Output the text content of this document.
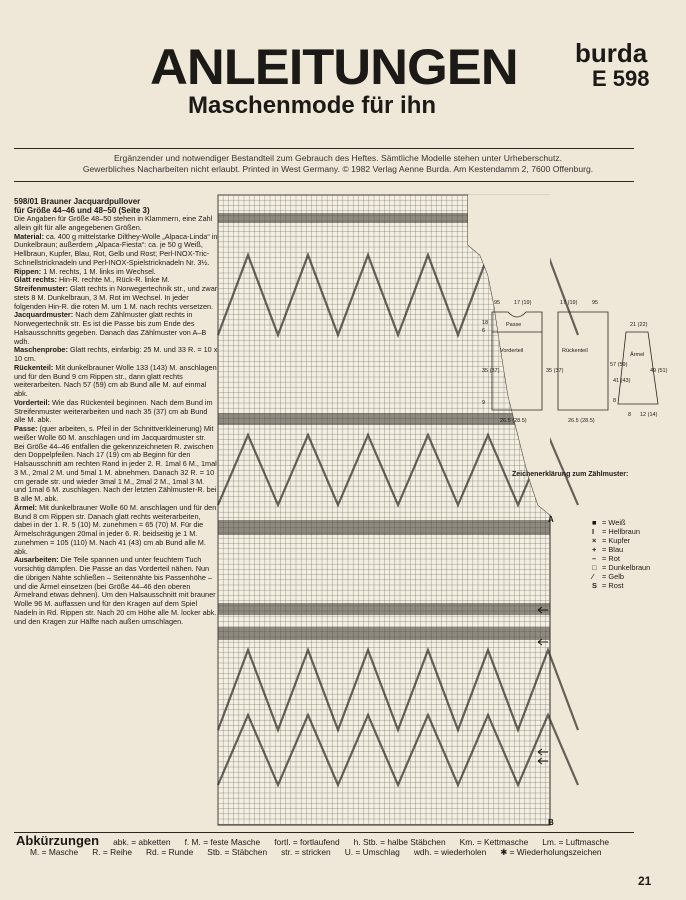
ANLEITUNGEN
Maschenmode für ihn
burda
E 598
Ergänzender und notwendiger Bestandteil zum Gebrauch des Heftes. Sämtliche Modelle stehen unter Urheberschutz.
Gewerbliches Nacharbeiten nicht erlaubt. Printed in West Germany. © 1982 Verlag Aenne Burda. Am Kestendamm 2, 7600 Offenburg.
598/01 Brauner Jacquardpullover
für Größe 44–46 und 48–50 (Seite 3)
Die Angaben für Größe 48–50 stehen in Klammern, eine Zahl allein gilt für alle angegebenen Größen.
Material: ca. 400 g mittelstarke Dilthey-Wolle „Alpaca-Linda“ in Dunkelbraun; außerdem „Alpaca-Fiesta“: ca. je 50 g Weiß, Hellbraun, Kupfer, Blau, Rot, Gelb und Rost; Perl-INOX-Tric-Schnellstricknadeln und Perl-INOX-Spielstricknadeln Nr. 3½.
Rippen: 1 M. rechts, 1 M. links im Wechsel.
Glatt rechts: Hin-R. rechte M., Rück-R. linke M.
Streifenmuster: Glatt rechts in Norwegertechnik str., und zwar stets 8 M. Dunkelbraun, 3 M. Rot im Wechsel. In jeder folgenden Hin-R. die roten M. um 1 M. nach rechts versetzen.
Jacquardmuster: Nach dem Zählmuster glatt rechts in Norwegertechnik str. Es ist die Passe bis zum Ende des Halsausschnitts gegeben. Danach das Zählmuster von A–B wdh.
Maschenprobe: Glatt rechts, einfarbig: 25 M. und 33 R. = 10 x 10 cm.
Rückenteil: Mit dunkelbrauner Wolle 133 (143) M. anschlagen und für den Bund 9 cm Rippen str., dann glatt rechts weiterarbeiten. Nach 57 (59) cm ab Bund alle M. auf einmal abk.
Vorderteil: Wie das Rückenteil beginnen. Nach dem Bund im Streifenmuster weiterarbeiten und nach 35 (37) cm ab Bund alle M. abk.
Passe: (quer arbeiten, s. Pfeil in der Schnittverkleinerung) Mit weißer Wolle 60 M. anschlagen und im Jacquardmuster str. Bei Größe 44–46 entfallen die gekennzeichneten R. zwischen den Doppelpfeilen. Nach 17 (19) cm ab Beginn für den Halsausschnitt am rechten Rand in jeder 2. R. 1mal 6 M., 1mal 3 M., 2mal 2 M. und 5mal 1 M. abnehmen. Danach 32 R. = 10 cm gerade str. und wieder 3mal 1 M., 2mal 2 M., 1mal 3 M. und 1mal 6 M. zuschlagen. Nach der letzten Zählmuster-R. bei B alle M. abk.
Ärmel: Mit dunkelbrauner Wolle 60 M. anschlagen und für den Bund 8 cm Rippen str. Danach glatt rechts weiterarbeiten, dabei in der 1. R. 5 (10) M. zunehmen = 65 (70) M. Für die Ärmelschrägungen 20mal in jeder 6. R. beidseitig je 1 M. zunehmen = 105 (110) M. Nach 41 (43) cm ab Bund alle M. abk.
Ausarbeiten: Die Teile spannen und unter feuchtem Tuch vorsichtig dämpfen. Die Passe an das Vorderteil nähen. Nun die übrigen Nähte schließen – Seitennähte bis Passenhöhe – und die Ärmel einsetzen (bei Größe 44–46 den oberen Ärmelrand etwas dehnen). Um den Halsausschnitt mit brauner Wolle 96 M. auffassen und für den Kragen auf dem Spiel Nadeln in Rd. Rippen str. Nach 20 cm Höhe alle M. locker abk. und den Kragen zur Hälfte nach außen umschlagen.
A
B
Passe
Vorderteil	Rückenteil
Ärmel
95	17 (19)	17 (19)	95
18
6
35 (37)
9
26.5 (28.5)	26.5 (28.5)
57 (59)
35 (37)
21 (22)
49 (51)
41 (43)
8
8 12 (14)
Zeichenerklärung zum Zählmuster:
■ = Weiß
I = Hellbraun
× = Kupfer
+ = Blau
– = Rot
□ = Dunkelbraun
∕ = Gelb
S = Rost
Abkürzungen abk. = abketten f. M. = feste Masche fortl. = fortlaufend h. Stb. = halbe Stäbchen Km. = Kettmasche Lm. = Luftmasche
M. = Masche R. = Reihe Rd. = Runde Stb. = Stäbchen str. = stricken U. = Umschlag wdh. = wiederholen ✱ = Wiederholungszeichen
21
